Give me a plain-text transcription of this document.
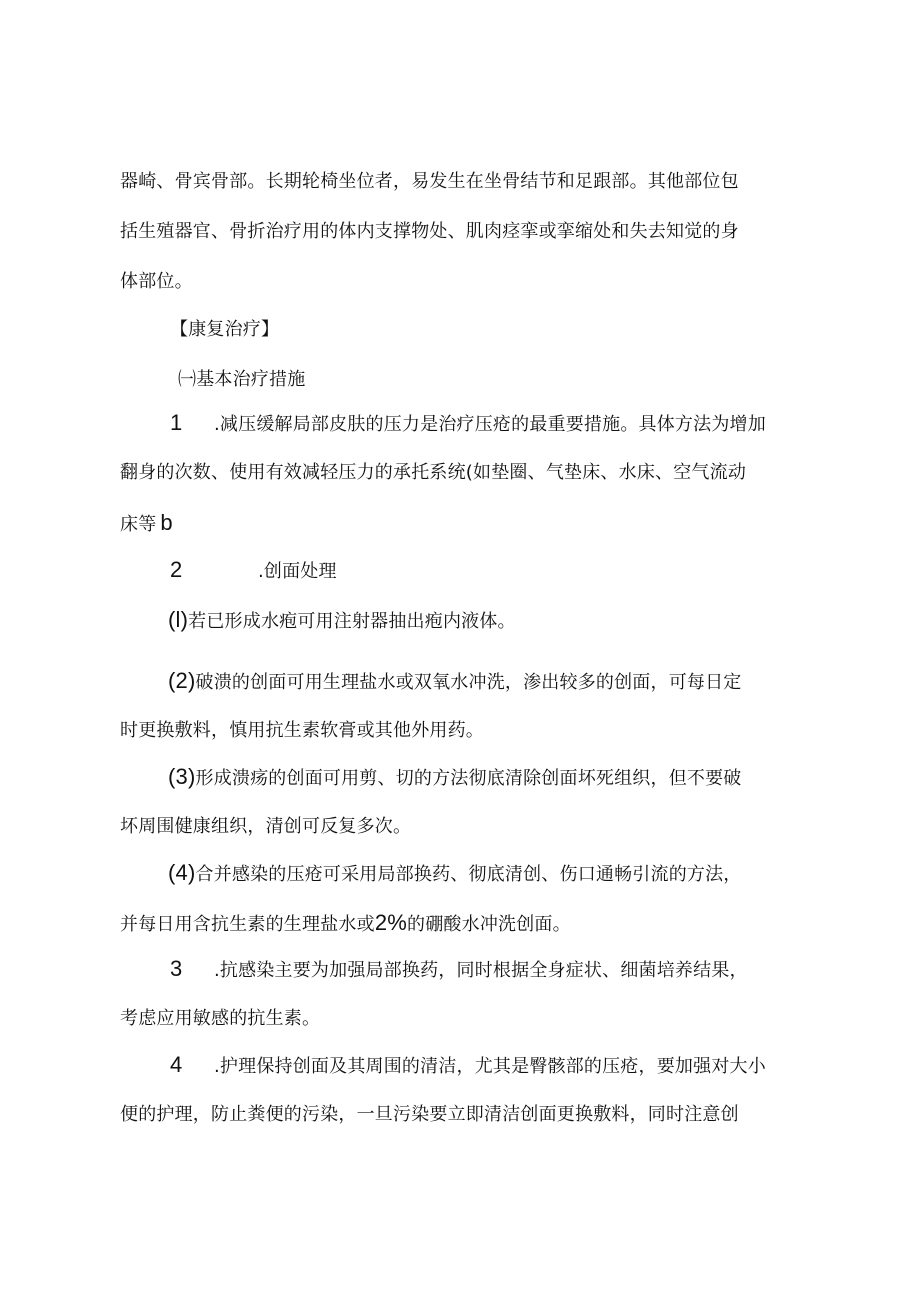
器崎、骨宾骨部。长期轮椅坐位者，易发生在坐骨结节和足跟部。其他部位包
括生殖器官、骨折治疗用的体内支撑物处、肌肉痉挛或挛缩处和失去知觉的身
体部位。
【康复治疗】
㈠基本治疗措施
1 .减压缓解局部皮肤的压力是治疗压疮的最重要措施。具体方法为增加
翻身的次数、使用有效减轻压力的承托系统(如垫圈、气垫床、水床、空气流动
床等 b
2	.创面处理
(l)若已形成水疱可用注射器抽出疱内液体。
(2)破溃的创面可用生理盐水或双氧水冲洗，渗出较多的创面，可每日定
时更换敷料，慎用抗生素软膏或其他外用药。
(3)形成溃疡的创面可用剪、切的方法彻底清除创面坏死组织，但不要破
坏周围健康组织，清创可反复多次。
(4)合并感染的压疮可采用局部换药、彻底清创、伤口通畅引流的方法，
并每日用含抗生素的生理盐水或2%的硼酸水冲洗创面。
3 .抗感染主要为加强局部换药，同时根据全身症状、细菌培养结果，
考虑应用敏感的抗生素。
4 .护理保持创面及其周围的清洁，尤其是臀骸部的压疮，要加强对大小
便的护理，防止粪便的污染，一旦污染要立即清洁创面更换敷料，同时注意创
